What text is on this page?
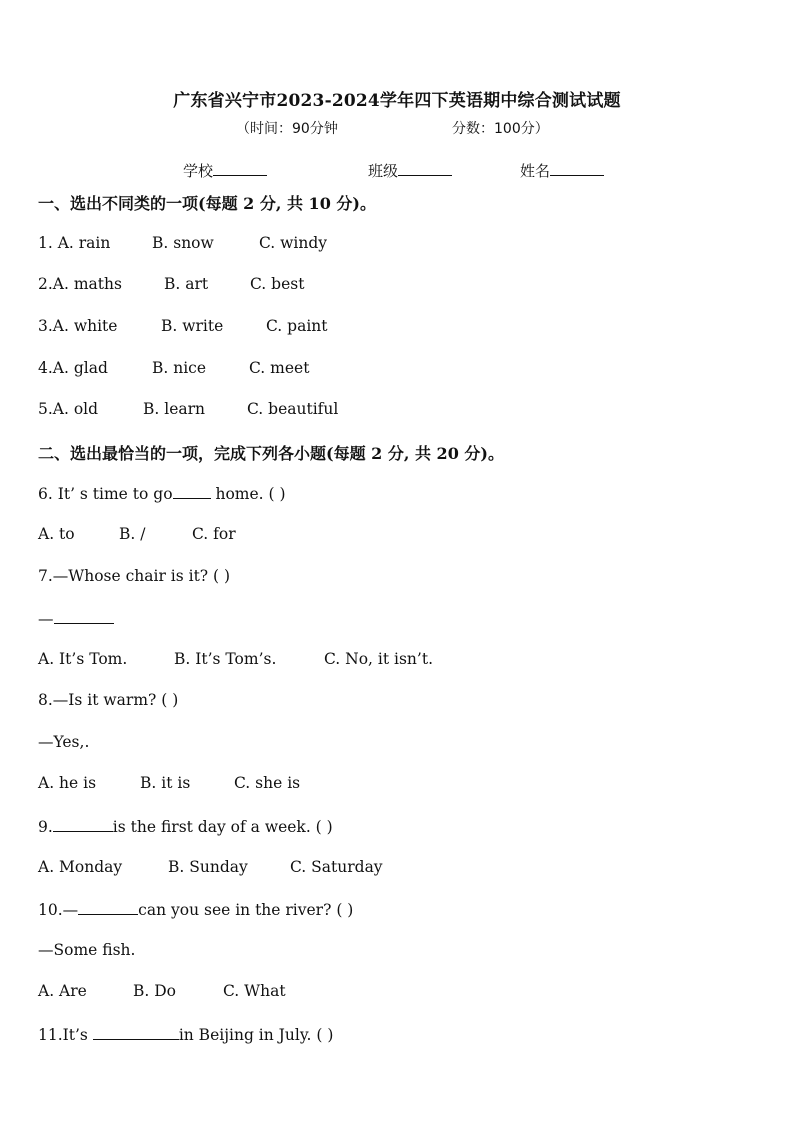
广东省兴宁市2023-2024学年四下英语期中综合测试试题
（时间：90分钟	分数：100分）
学校	班级	姓名
一、选出不同类的一项(每题 2 分, 共 10 分)。
1. A. rain	B. snow	C. windy
2.A. maths	B. art	C. best
3.A. white	B. write	C. paint
4.A. glad	B. nice	C. meet
5.A. old	B. learn	C. beautiful
二、选出最恰当的一项，完成下列各小题(每题 2 分, 共 20 分)。
6. It’ s time to go home. ( )
A. to	B. /	C. for
7.—Whose chair is it? ( )
—
A. It’s Tom.	B. It’s Tom’s.	C. No, it isn’t.
8.—Is it warm? ( )
—Yes,.
A. he is	B. it is	C. she is
9.	is the first day of a week. ( )
A. Monday	B. Sunday	C. Saturday
10.—	can you see in the river? ( )
—Some fish.
A. Are	B. Do	C. What
11.It’s	in Beijing in July. ( )
